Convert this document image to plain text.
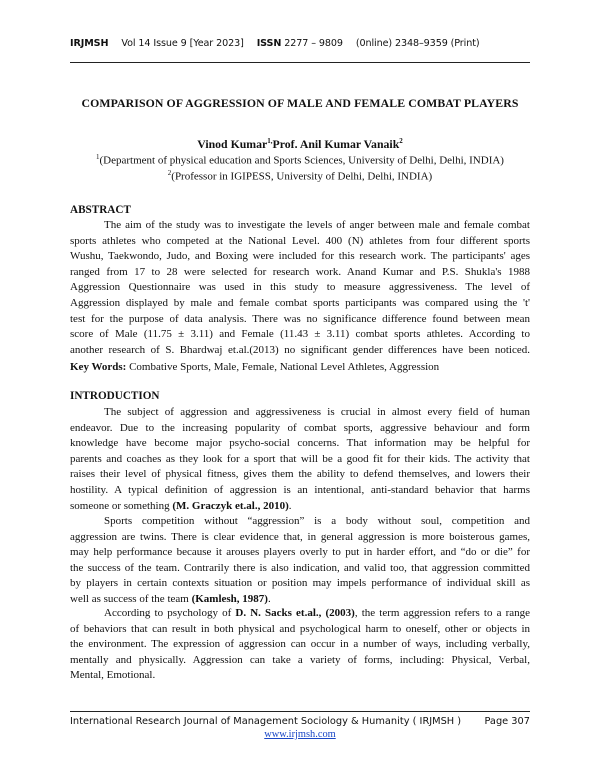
IRJMSH Vol 14 Issue 9 [Year 2023] ISSN 2277 – 9809 (0nline) 2348–9359 (Print)
COMPARISON OF AGGRESSION OF MALE AND FEMALE COMBAT PLAYERS
Vinod Kumar$^{1,}$Prof. Anil Kumar Vanaik$^2$
$^1$(Department of physical education and Sports Sciences, University of Delhi, Delhi, INDIA)
$^2$(Professor in IGIPESS, University of Delhi, Delhi, INDIA)
ABSTRACT
The aim of the study was to investigate the levels of anger between male and female combat
sports athletes who competed at the National Level. 400 (N) athletes from four different sports
Wushu, Taekwondo, Judo, and Boxing were included for this research work. The participants' ages
ranged from 17 to 28 were selected for research work. Anand Kumar and P.S. Shukla's 1988
Aggression Questionnaire was used in this study to measure aggressiveness. The level of
Aggression displayed by male and female combat sports participants was compared using the 't'
test for the purpose of data analysis. There was no significance difference found between mean
score of Male (11.75 ± 3.11) and Female (11.43 ± 3.11) combat sports athletes. According to
another research of S. Bhardwaj et.al.(2013) no significant gender differences have been noticed.
Key Words: Combative Sports, Male, Female, National Level Athletes, Aggression
INTRODUCTION
The subject of aggression and aggressiveness is crucial in almost every field of human
endeavor. Due to the increasing popularity of combat sports, aggressive behaviour and form
knowledge have become major psycho-social concerns. That information may be helpful for
parents and coaches as they look for a sport that will be a good fit for their kids. The activity that
raises their level of physical fitness, gives them the ability to defend themselves, and lowers their
hostility. A typical definition of aggression is an intentional, anti-standard behavior that harms
someone or something (M. Graczyk et.al., 2010).
Sports competition without “aggression” is a body without soul, competition and
aggression are twins. There is clear evidence that, in general aggression is more boisterous games,
may help performance because it arouses players overly to put in harder effort, and “do or die” for
the success of the team. Contrarily there is also indication, and valid too, that aggression committed
by players in certain contexts situation or position may impels performance of individual skill as
well as success of the team (Kamlesh, 1987).
According to psychology of D. N. Sacks et.al., (2003), the term aggression refers to a range
of behaviors that can result in both physical and psychological harm to oneself, other or objects in
the environment. The expression of aggression can occur in a number of ways, including verbally,
mentally and physically. Aggression can take a variety of forms, including: Physical, Verbal,
Mental, Emotional.
International Research Journal of Management Sociology & Humanity ( IRJMSH ) Page 307
www.irjmsh.com
